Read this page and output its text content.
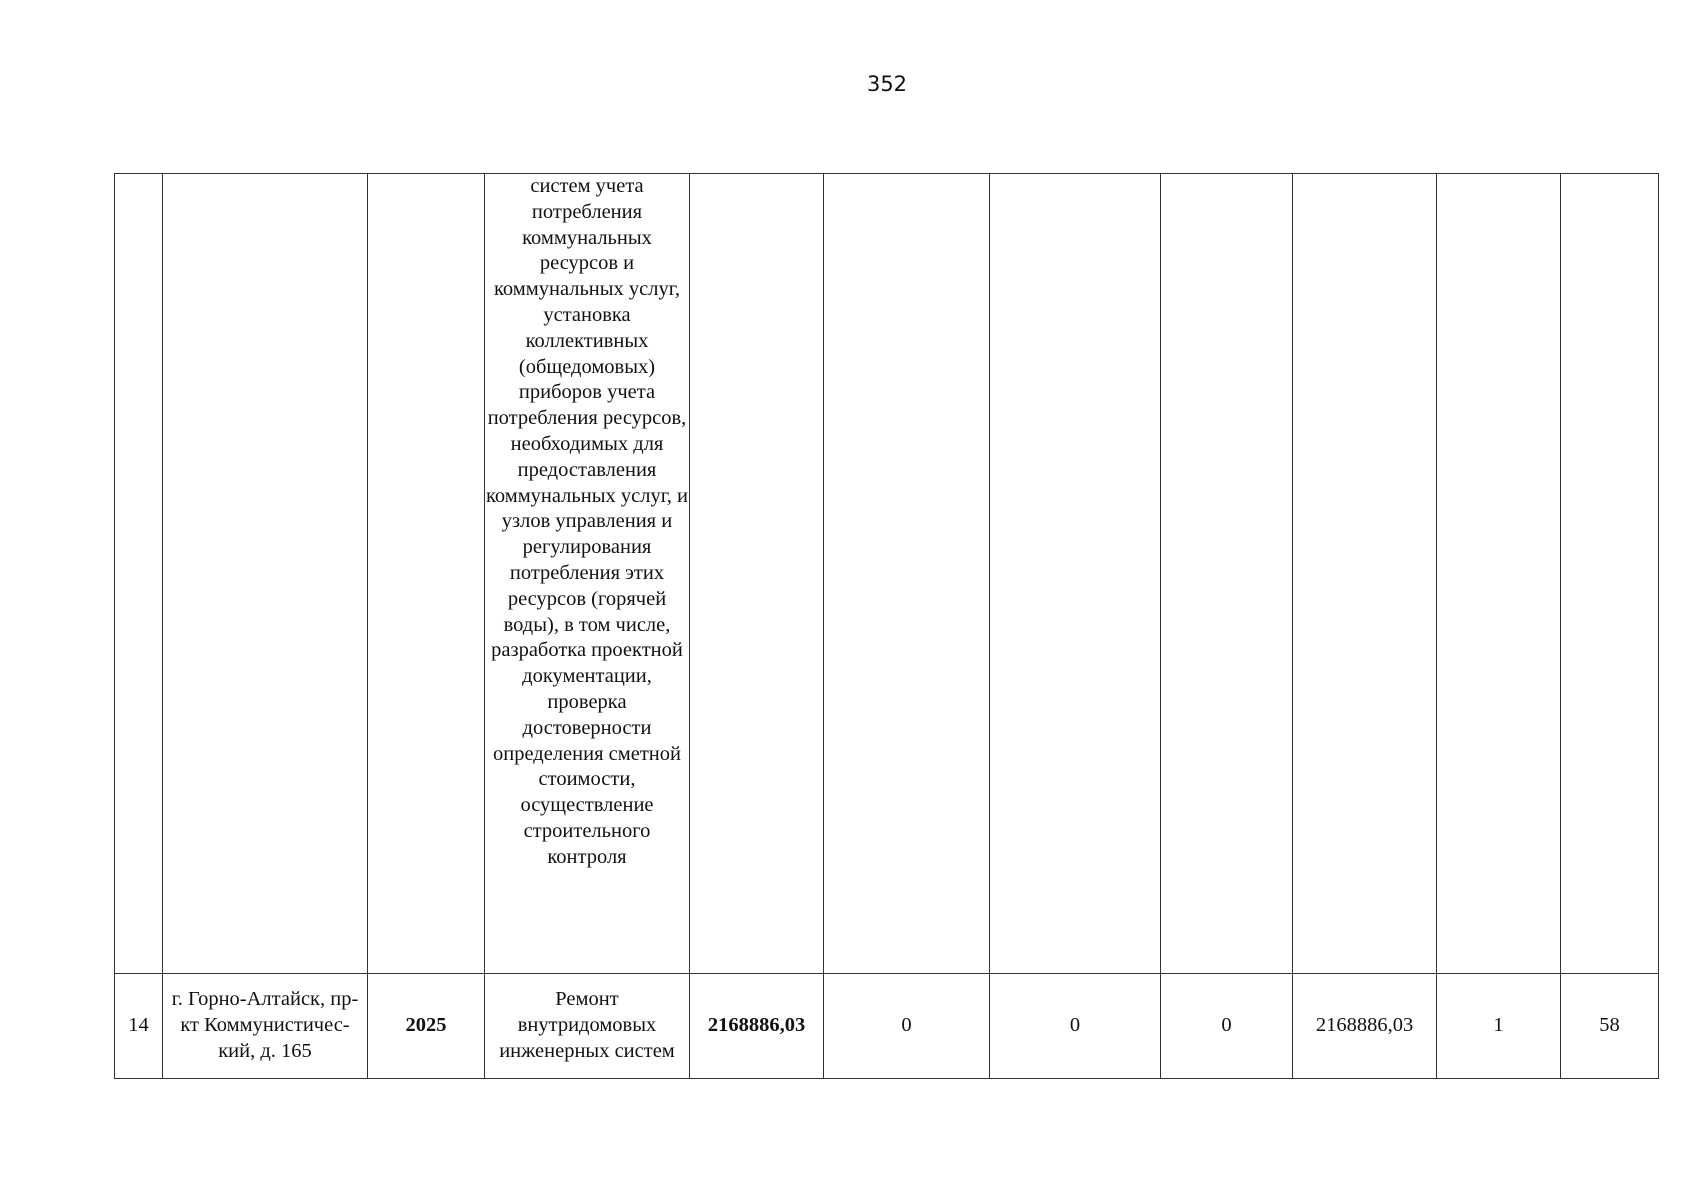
352

			систем учета потребления коммунальных ресурсов и коммунальных услуг, установка коллективных (общедомовых) приборов учета потребления ресурсов, необходимых для предоставления коммунальных услуг, и узлов управления и регулирования потребления этих ресурсов (горячей воды), в том числе, разработка проектной документации, проверка достоверности определения сметной стоимости, осуществление строительного контроля							

14	г. Горно-Алтайск, пр-кт Коммунистичес-кий, д. 165	2025	Ремонт внутридомовых инженерных систем	2168886,03	0	0	0	2168886,03	1	58
